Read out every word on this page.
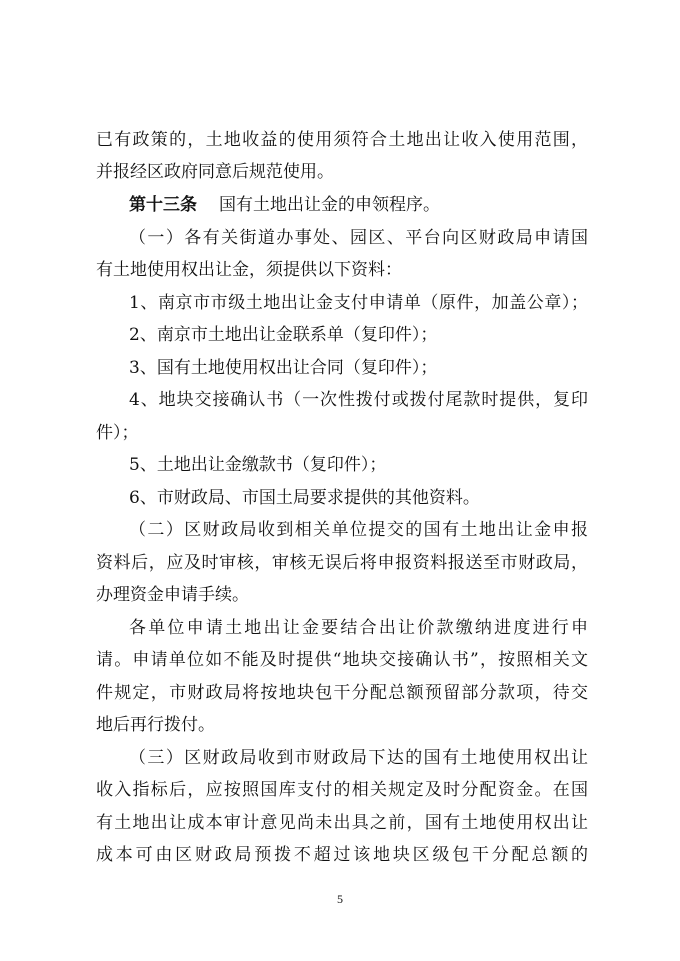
已有政策的，土地收益的使用须符合土地出让收入使用范围，
并报经区政府同意后规范使用。
第十三条 国有土地出让金的申领程序。
（一）各有关街道办事处、园区、平台向区财政局申请国
有土地使用权出让金，须提供以下资料：
1、南京市市级土地出让金支付申请单（原件，加盖公章）；
2、南京市土地出让金联系单（复印件）；
3、国有土地使用权出让合同（复印件）；
4、地块交接确认书（一次性拨付或拨付尾款时提供，复印
件）；
5、土地出让金缴款书（复印件）；
6、市财政局、市国土局要求提供的其他资料。
（二）区财政局收到相关单位提交的国有土地出让金申报
资料后，应及时审核，审核无误后将申报资料报送至市财政局，
办理资金申请手续。
各单位申请土地出让金要结合出让价款缴纳进度进行申
请。申请单位如不能及时提供“地块交接确认书”，按照相关文
件规定，市财政局将按地块包干分配总额预留部分款项，待交
地后再行拨付。
（三）区财政局收到市财政局下达的国有土地使用权出让
收入指标后，应按照国库支付的相关规定及时分配资金。在国
有土地出让成本审计意见尚未出具之前，国有土地使用权出让
成本可由区财政局预拨不超过该地块区级包干分配总额的
5
